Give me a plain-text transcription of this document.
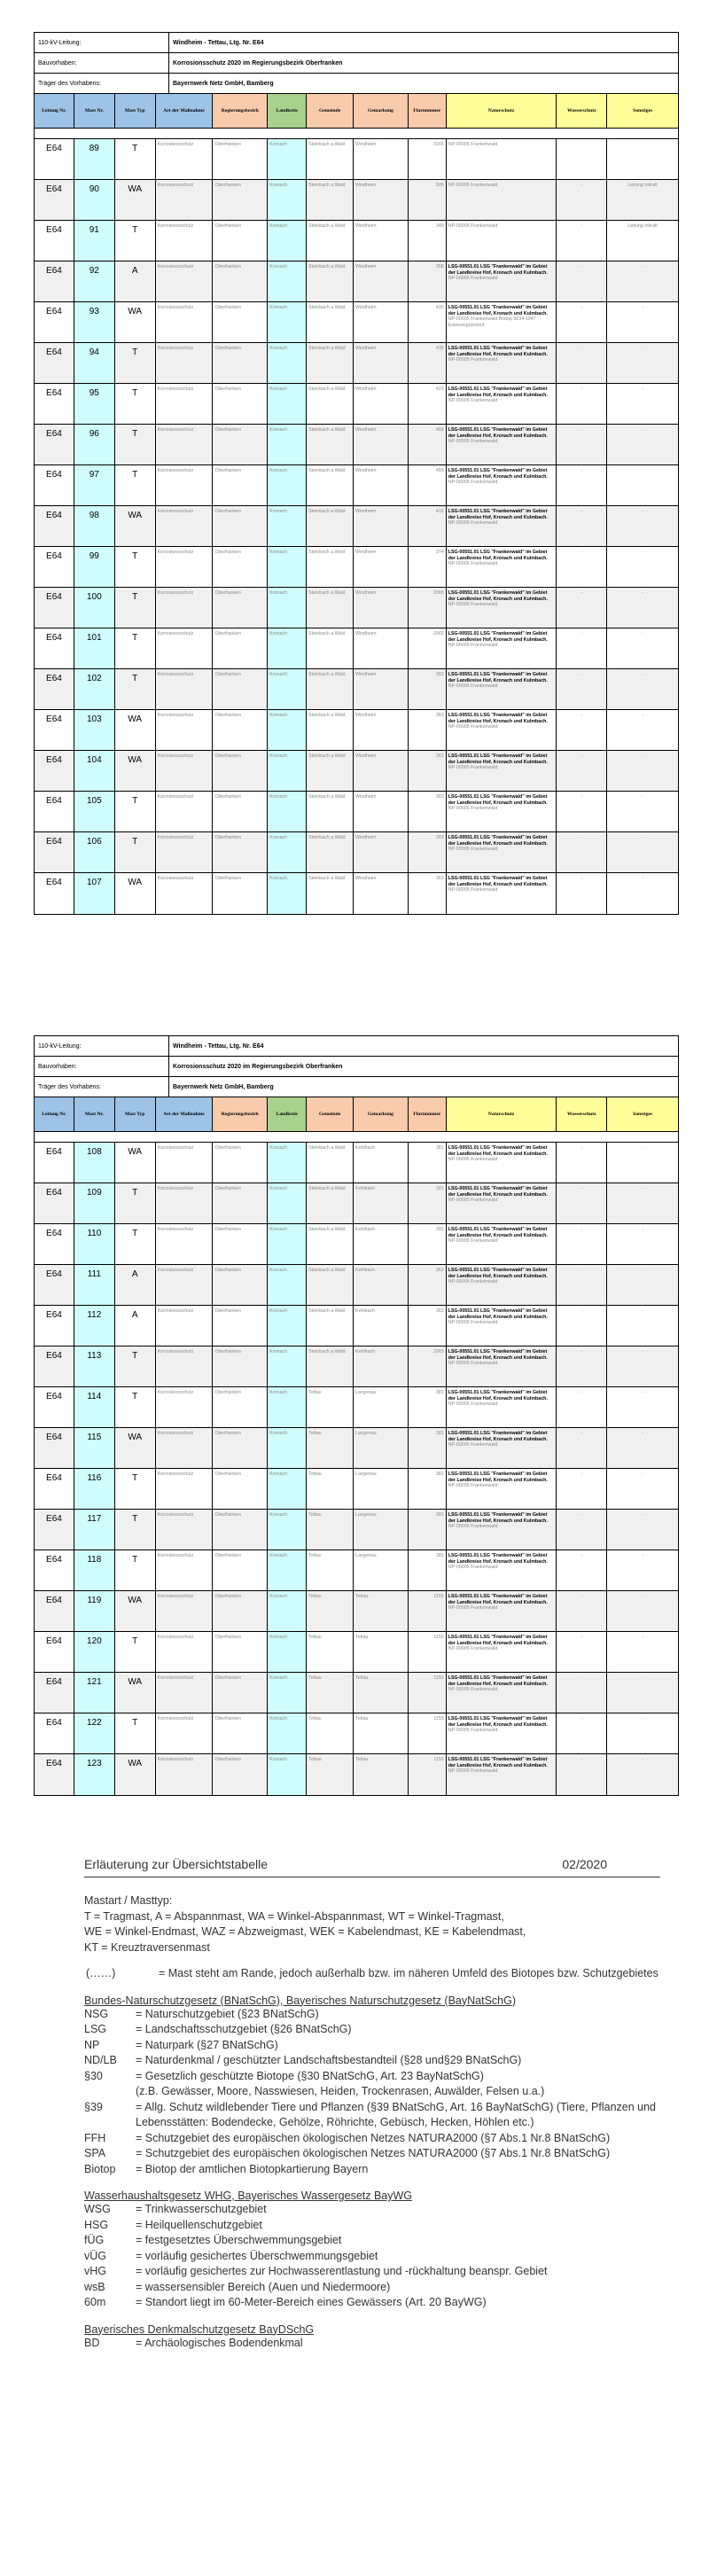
110-kV-Leitung:	Windheim - Tettau, Ltg. Nr. E64
Bauvorhaben:	Korrosionsschutz 2020 im Regierungsbezirk Oberfranken
Träger des Vorhabens:	Bayernwerk Netz GmbH, Bamberg
Leitung Nr.	Mast Nr.	Mast Typ	Art der Maßnahme	Regierungsbezirk	Landkreis	Gemeinde	Gemarkung	Flurnummer	Naturschutz	Wasserschutz	Sonstiges
E64	89	T	Korrosionsschutz	Oberfranken	Kronach	Steinbach a.Wald	Windheim	3165 NP-00005 Frankenwald
E64	90	WA	Korrosionsschutz	Oberfranken	Kronach	Steinbach a.Wald	Windheim	509 NP-00005 Frankenwald	-	Leitung Inkraft
E64	91	T	Korrosionsschutz	Oberfranken	Kronach	Steinbach a.Wald	Windheim	349 NP-00005 Frankenwald	-	Leitung Inkraft
E64	92	A	Korrosionsschutz	Oberfranken	Kronach	Steinbach a.Wald	Windheim	358 LSG-00551.01 LSG "Frankenwald" im Gebiet der Landkreise Hof, Kronach und Kulmbach.
NP-00005 Frankenwald
-	-
E64	93	WA	Korrosionsschutz	Oberfranken	Kronach	Steinbach a.Wald	Windheim	435 LSG-00551.01 LSG "Frankenwald" im Gebiet der Landkreise Hof, Kronach und Kulmbach.
NP-00005 Frankenwald Biotop 5534-1047 Extensivgrünland
-	-
E64	94	T	Korrosionsschutz	Oberfranken	Kronach	Steinbach a.Wald	Windheim	435 LSG-00551.01 LSG "Frankenwald" im Gebiet der Landkreise Hof, Kronach und Kulmbach.
NP-00005 Frankenwald
-	-
E64	95	T	Korrosionsschutz	Oberfranken	Kronach	Steinbach a.Wald	Windheim	423 LSG-00551.01 LSG "Frankenwald" im Gebiet der Landkreise Hof, Kronach und Kulmbach.
NP-00005 Frankenwald
-	-
E64	96	T	Korrosionsschutz	Oberfranken	Kronach	Steinbach a.Wald	Windheim	468 LSG-00551.01 LSG "Frankenwald" im Gebiet der Landkreise Hof, Kronach und Kulmbach.
NP-00005 Frankenwald
-	-
E64	97	T	Korrosionsschutz	Oberfranken	Kronach	Steinbach a.Wald	Windheim	455 LSG-00551.01 LSG "Frankenwald" im Gebiet der Landkreise Hof, Kronach und Kulmbach.
NP-00005 Frankenwald
-	-
E64	98	WA	Korrosionsschutz	Oberfranken	Kronach	Steinbach a.Wald	Windheim	416 LSG-00551.01 LSG "Frankenwald" im Gebiet der Landkreise Hof, Kronach und Kulmbach.
NP-00005 Frankenwald
-	-
E64	99	T	Korrosionsschutz	Oberfranken	Kronach	Steinbach a.Wald	Windheim	374 LSG-00551.01 LSG "Frankenwald" im Gebiet der Landkreise Hof, Kronach und Kulmbach.
NP-00005 Frankenwald
-	-
E64	100	T	Korrosionsschutz	Oberfranken	Kronach	Steinbach a.Wald	Windheim	2065 LSG-00551.01 LSG "Frankenwald" im Gebiet der Landkreise Hof, Kronach und Kulmbach.
NP-00005 Frankenwald
-	-
E64	101	T	Korrosionsschutz	Oberfranken	Kronach	Steinbach a.Wald	Windheim	2065 LSG-00551.01 LSG "Frankenwald" im Gebiet der Landkreise Hof, Kronach und Kulmbach.
NP-00005 Frankenwald
-	-
E64	102	T	Korrosionsschutz	Oberfranken	Kronach	Steinbach a.Wald	Windheim	363 LSG-00551.01 LSG "Frankenwald" im Gebiet der Landkreise Hof, Kronach und Kulmbach.
NP-00005 Frankenwald
-	-
E64	103	WA	Korrosionsschutz	Oberfranken	Kronach	Steinbach a.Wald	Windheim	363 LSG-00551.01 LSG "Frankenwald" im Gebiet der Landkreise Hof, Kronach und Kulmbach.
NP-00005 Frankenwald
-	-
E64	104	WA	Korrosionsschutz	Oberfranken	Kronach	Steinbach a.Wald	Windheim	363 LSG-00551.01 LSG "Frankenwald" im Gebiet der Landkreise Hof, Kronach und Kulmbach.
NP-00005 Frankenwald
-	-
E64	105	T	Korrosionsschutz	Oberfranken	Kronach	Steinbach a.Wald	Windheim	363 LSG-00551.01 LSG "Frankenwald" im Gebiet der Landkreise Hof, Kronach und Kulmbach.
NP-00005 Frankenwald
-	-
E64	106	T	Korrosionsschutz	Oberfranken	Kronach	Steinbach a.Wald	Windheim	363 LSG-00551.01 LSG "Frankenwald" im Gebiet der Landkreise Hof, Kronach und Kulmbach.
NP-00005 Frankenwald
-	-
E64	107	WA	Korrosionsschutz	Oberfranken	Kronach	Steinbach a.Wald	Windheim	363 LSG-00551.01 LSG "Frankenwald" im Gebiet der Landkreise Hof, Kronach und Kulmbach.
NP-00005 Frankenwald
-	-
110-kV-Leitung:	Windheim - Tettau, Ltg. Nr. E64
Bauvorhaben:	Korrosionsschutz 2020 im Regierungsbezirk Oberfranken
Träger des Vorhabens:	Bayernwerk Netz GmbH, Bamberg
Leitung Nr.	Mast Nr.	Mast Typ	Art der Maßnahme	Regierungsbezirk	Landkreis	Gemeinde	Gemarkung	Flurnummer	Naturschutz	Wasserschutz	Sonstiges
E64	108	WA	Korrosionsschutz	Oberfranken	Kronach	Steinbach a.Wald	Kehlbach	381 LSG-00551.01 LSG "Frankenwald" im Gebiet der Landkreise Hof, Kronach und Kulmbach.
NP-00005 Frankenwald
-	-
E64	109	T	Korrosionsschutz	Oberfranken	Kronach	Steinbach a.Wald	Kehlbach	381 LSG-00551.01 LSG "Frankenwald" im Gebiet der Landkreise Hof, Kronach und Kulmbach.
NP-00005 Frankenwald
-	-
E64	110	T	Korrosionsschutz	Oberfranken	Kronach	Steinbach a.Wald	Kehlbach	381 LSG-00551.01 LSG "Frankenwald" im Gebiet der Landkreise Hof, Kronach und Kulmbach.
NP-00005 Frankenwald
-	-
E64	111	A	Korrosionsschutz	Oberfranken	Kronach	Steinbach a.Wald	Kehlbach	363 LSG-00551.01 LSG "Frankenwald" im Gebiet der Landkreise Hof, Kronach und Kulmbach.
NP-00005 Frankenwald
-	-
E64	112	A	Korrosionsschutz	Oberfranken	Kronach	Steinbach a.Wald	Kehlbach	363 LSG-00551.01 LSG "Frankenwald" im Gebiet der Landkreise Hof, Kronach und Kulmbach.
NP-00005 Frankenwald
-	-
E64	113	T	Korrosionsschutz	Oberfranken	Kronach	Steinbach a.Wald	Kehlbach	2065 LSG-00551.01 LSG "Frankenwald" im Gebiet der Landkreise Hof, Kronach und Kulmbach.
NP-00005 Frankenwald
-	-
E64	114	T	Korrosionsschutz	Oberfranken	Kronach	Tettau	Langenau	381 LSG-00551.01 LSG "Frankenwald" im Gebiet der Landkreise Hof, Kronach und Kulmbach.
NP-00005 Frankenwald
-	-
E64	115	WA	Korrosionsschutz	Oberfranken	Kronach	Tettau	Langenau	381 LSG-00551.01 LSG "Frankenwald" im Gebiet der Landkreise Hof, Kronach und Kulmbach.
NP-00005 Frankenwald
-	-
E64	116	T	Korrosionsschutz	Oberfranken	Kronach	Tettau	Langenau	381 LSG-00551.01 LSG "Frankenwald" im Gebiet der Landkreise Hof, Kronach und Kulmbach.
NP-00005 Frankenwald
-	-
E64	117	T	Korrosionsschutz	Oberfranken	Kronach	Tettau	Langenau	381 LSG-00551.01 LSG "Frankenwald" im Gebiet der Landkreise Hof, Kronach und Kulmbach.
NP-00005 Frankenwald
-	-
E64	118	T	Korrosionsschutz	Oberfranken	Kronach	Tettau	Langenau	381 LSG-00551.01 LSG "Frankenwald" im Gebiet der Landkreise Hof, Kronach und Kulmbach.
NP-00005 Frankenwald
-	-
E64	119	WA	Korrosionsschutz	Oberfranken	Kronach	Tettau	Tettau	1155 LSG-00551.01 LSG "Frankenwald" im Gebiet der Landkreise Hof, Kronach und Kulmbach.
NP-00005 Frankenwald
-	-
E64	120	T	Korrosionsschutz	Oberfranken	Kronach	Tettau	Tettau	1155 LSG-00551.01 LSG "Frankenwald" im Gebiet der Landkreise Hof, Kronach und Kulmbach.
NP-00005 Frankenwald
-	-
E64	121	WA	Korrosionsschutz	Oberfranken	Kronach	Tettau	Tettau	1155 LSG-00551.01 LSG "Frankenwald" im Gebiet der Landkreise Hof, Kronach und Kulmbach.
NP-00005 Frankenwald
-	-
E64	122	T	Korrosionsschutz	Oberfranken	Kronach	Tettau	Tettau	1155 LSG-00551.01 LSG "Frankenwald" im Gebiet der Landkreise Hof, Kronach und Kulmbach.
NP-00005 Frankenwald
-	-
E64	123	WA	Korrosionsschutz	Oberfranken	Kronach	Tettau	Tettau	1155 LSG-00551.01 LSG "Frankenwald" im Gebiet der Landkreise Hof, Kronach und Kulmbach.
NP-00005 Frankenwald
-	-
Erläuterung zur Übersichtstabelle	02/2020
Mastart / Masttyp:
T = Tragmast, A = Abspannmast, WA = Winkel-Abspannmast, WT = Winkel-Tragmast,
WE = Winkel-Endmast, WAZ = Abzweigmast, WEK = Kabelendmast, KE = Kabelendmast,
KT = Kreuztraversenmast
(……)	= Mast steht am Rande, jedoch außerhalb bzw. im näheren Umfeld des Biotopes bzw. Schutzgebietes
Bundes-Naturschutzgesetz (BNatSchG), Bayerisches Naturschutzgesetz (BayNatSchG)
NSG	= Naturschutzgebiet (§23 BNatSchG)
LSG	= Landschaftsschutzgebiet (§26 BNatSchG)
NP	= Naturpark (§27 BNatSchG)
ND/LB	= Naturdenkmal / geschützter Landschaftsbestandteil (§28 und§29 BNatSchG)
§30	= Gesetzlich geschützte Biotope (§30 BNatSchG, Art. 23 BayNatSchG)
(z.B. Gewässer, Moore, Nasswiesen, Heiden, Trockenrasen, Auwälder, Felsen u.a.)
§39	= Allg. Schutz wildlebender Tiere und Pflanzen (§39 BNatSchG, Art. 16 BayNatSchG) (Tiere, Pflanzen und Lebensstätten: Bodendecke, Gehölze, Röhrichte, Gebüsch, Hecken, Höhlen etc.)
FFH	= Schutzgebiet des europäischen ökologischen Netzes NATURA2000 (§7 Abs.1 Nr.8 BNatSchG)
SPA	= Schutzgebiet des europäischen ökologischen Netzes NATURA2000 (§7 Abs.1 Nr.8 BNatSchG)
Biotop	= Biotop der amtlichen Biotopkartierung Bayern
Wasserhaushaltsgesetz WHG, Bayerisches Wassergesetz BayWG
WSG	= Trinkwasserschutzgebiet
HSG	= Heilquellenschutzgebiet
fÜG	= festgesetztes Überschwemmungsgebiet
vÜG	= vorläufig gesichertes Überschwemmungsgebiet
vHG	= vorläufig gesichertes zur Hochwasserentlastung und -rückhaltung beanspr. Gebiet
wsB	= wassersensibler Bereich (Auen und Niedermoore)
60m	= Standort liegt im 60-Meter-Bereich eines Gewässers (Art. 20 BayWG)
Bayerisches Denkmalschutzgesetz BayDSchG
BD	= Archäologisches Bodendenkmal
